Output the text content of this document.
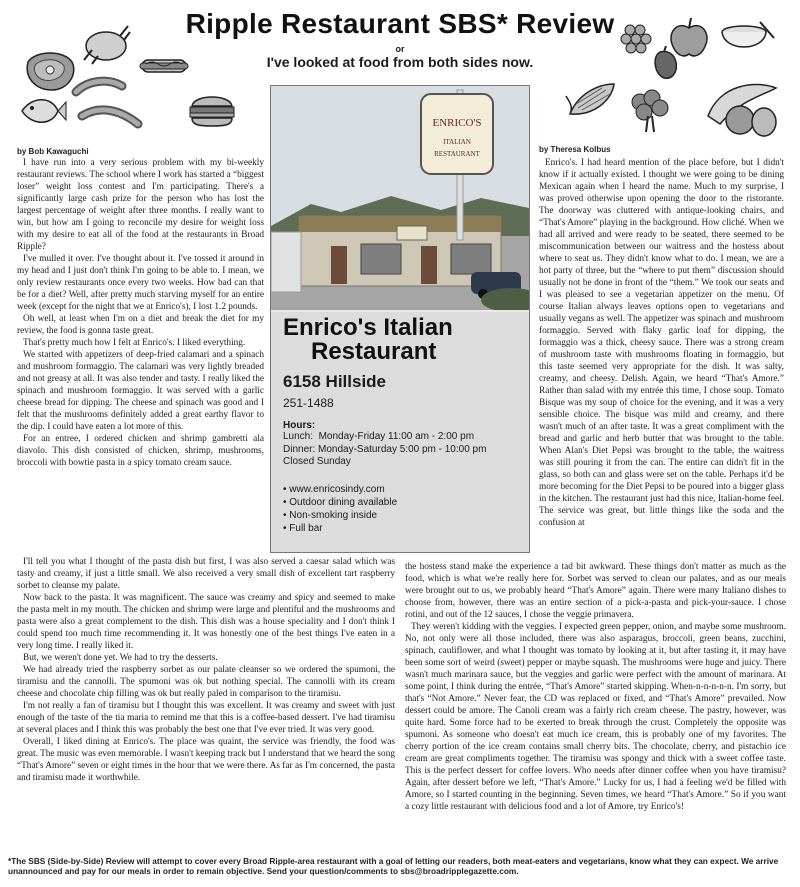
Ripple Restaurant SBS* Review
or
I've looked at food from both sides now.
by Bob Kawaguchi	by Theresa Kolbus

I have run into a very serious problem with my bi-weekly restaurant reviews. The school where I work has started a “biggest loser” weight loss contest and I'm participating. There's a significantly large cash prize for the person who has lost the largest percentage of weight after three months. I really want to win, but how am I going to reconcile my desire for weight loss with my desire to eat all of the food at the restaurants in Broad Ripple?

I've mulled it over. I've thought about it. I've tossed it around in my head and I just don't think I'm going to be able to. I mean, we only review restaurants once every two weeks. How bad can that be for a diet? Well, after pretty much starving myself for an entire week (except for the night that we at Enrico's), I lost 1.2 pounds.

Oh well, at least when I'm on a diet and break the diet for my review, the food is gonna taste great.

That's pretty much how I felt at Enrico's. I liked everything.

We started with appetizers of deep-fried calamari and a spinach and mushroom formaggio. The calamari was very lightly breaded and not greasy at all. It was also tender and tasty. I really liked the spinach and mushroom formaggio. It was served with a garlic cheese bread for dipping. The cheese and spinach was good and I felt that the mushrooms definitely added a great earthy flavor to the dip. I could have eaten a lot more of this.

For an entree, I ordered chicken and shrimp gambretti ala diavolo. This dish consisted of chicken, shrimp, mushrooms, broccoli with bowtie pasta in a spicy tomato cream sauce.

Enrico's. I had heard mention of the place before, but I didn't know if it actually existed. I thought we were going to be dining Mexican again when I heard the name. Much to my surprise, I was proved otherwise upon opening the door to the ristorante. The doorway was cluttered with antique-looking chairs, and “That's Amore” playing in the background. How cliché. When we had all arrived and were ready to be seated, there seemed to be miscommunication between our waitress and the hostess about where to seat us. They didn't know what to do. I mean, we are a hot party of three, but the “where to put them” discussion should usually not be done in front of the “them.” We took our seats and I was pleased to see a vegetarian appetizer on the menu. Of course Italian always leaves options open to vegetarians and usually vegans as well. The appetizer was spinach and mushroom formaggio. Served with flaky garlic loaf for dipping, the formaggio was a thick, cheesy sauce. There was a strong cream of mushroom taste with mushrooms floating in formaggio, but this taste seemed very appropriate for the dish. It was salty, creamy, and cheesy. Delish. Again, we heard “That's Amore.” Rather than salad with my entrée this time, I chose soup. Tomato Bisque was my soup of choice for the evening, and it was a very sensible choice. The bisque was mild and creamy, and there wasn't much of an after taste. It was a great compliment with the bread and garlic and herb butter that was brought to the table. When Alan's Diet Pepsi was brought to the table, the waitress was still pouring it from the can. The entire can didn't fit in the glass, so both can and glass were set on the table. Perhaps it'd be more becoming for the Diet Pepsi to be poured into a bigger glass in the kitchen. The restaurant just had this nice, Italian-home feel. The service was great, but little things like the soda and the confusion at

ENRICO'S
ITALIAN
RESTAURANT
Enrico's Italian
Restaurant
6158 Hillside
251-1488
Hours:
Lunch:  Monday-Friday 11:00 am - 2:00 pm
Dinner: Monday-Saturday 5:00 pm - 10:00 pm
Closed Sunday
• www.enricosindy.com
• Outdoor dining available
• Non-smoking inside
• Full bar

I'll tell you what I thought of the pasta dish but first, I was also served a caesar salad which was tasty and creamy, if just a little small. We also received a very small dish of excellent tart raspberry sorbet to cleanse my palate.

Now back to the pasta. It was magnificent. The sauce was creamy and spicy and seemed to make the pasta melt in my mouth. The chicken and shrimp were large and plentiful and the mushrooms and pasta were also a great complement to the dish. This dish was a house speciality and I don't think I could spend too much time recommending it. It was honestly one of the best things I've eaten in a very long time. I really liked it.

But, we weren't done yet. We had to try the desserts.

We had already tried the raspberry sorbet as our palate cleanser so we ordered the spumoni, the tiramisu and the cannolli. The spumoni was ok but nothing special. The cannolli with its cream cheese and chocolate chip filling was ok but really paled in comparison to the tiramisu.

I'm not really a fan of tiramisu but I thought this was excellent. It was creamy and sweet with just enough of the taste of the tia maria to remind me that this is a coffee-based dessert. I've had tiramisu at several places and I think this was probably the best one that I've ever tried. It was very good.

Overall, I liked dining at Enrico's. The place was quaint, the service was friendly, the food was great. The music was even memorable. I wasn't keeping track but I understand that we heard the song “That's Amore” seven or eight times in the hour that we were there. As far as I'm concerned, the pasta and tiramisu made it worthwhile.

the hostess stand make the experience a tad bit awkward. These things don't matter as much as the food, which is what we're really here for. Sorbet was served to clean our palates, and as our meals were brought out to us, we probably heard “That's Amore” again. There were many Italiano dishes to choose from, however, there was an entire section of a pick-a-pasta and pick-your-sauce. I chose rotini, and out of the 12 sauces, I chose the veggie primavera.

They weren't kidding with the veggies. I expected green pepper, onion, and maybe some mushroom. No, not only were all those included, there was also asparagus, broccoli, green beans, zucchini, spinach, cauliflower, and what I thought was tomato by looking at it, but after tasting it, it may have been some sort of weird (sweet) pepper or maybe squash. The mushrooms were huge and juicy. There wasn't much marinara sauce, but the veggies and garlic were perfect with the amount of marinara. At some point, I think during the entrée, “That's Amore” started skipping. When-n-n-n-n-n. I'm sorry, but that's “Not Amore.” Never fear, the CD was replaced or fixed, and “That's Amore” prevailed. Now dessert could be amore. The Canoli cream was a fairly rich cream cheese. The pastry, however, was quite hard. Some force had to be exerted to break through the crust. Completely the opposite was spumoni. As someone who doesn't eat much ice cream, this is probably one of my favorites. The cherry portion of the ice cream contains small cherry bits. The chocolate, cherry, and pistachio ice cream are great compliments together. The tiramisu was spongy and thick with a sweet coffee taste. This is the perfect dessert for coffee lovers. Who needs after dinner coffee when you have tiramisu? Again, after dessert before we left, “That's Amore.” Lucky for us, I had a feeling we'd be filled with Amore, so I started counting in the beginning. Seven times, we heard “That's Amore.” So if you want a cozy little restaurant with delicious food and a lot of Amore, try Enrico's!

*The SBS (Side-by-Side) Review will attempt to cover every Broad Ripple-area restaurant with a goal of letting our readers, both meat-eaters and vegetarians, know what they can expect. We arrive unannounced and pay for our meals in order to remain objective. Send your question/comments to sbs@broadripplegazette.com.
